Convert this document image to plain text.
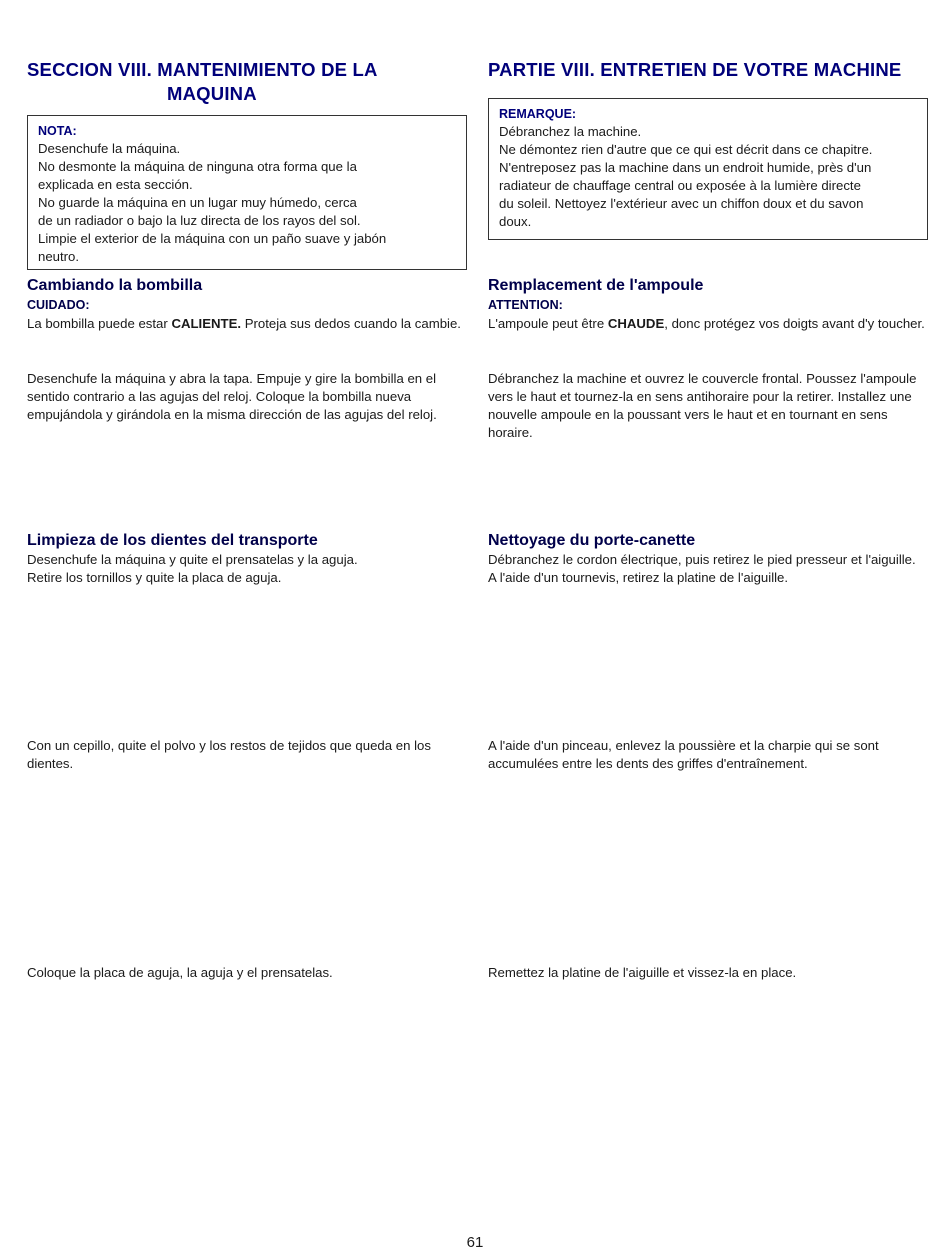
SECCION VIII. MANTENIMIENTO DE LA
MAQUINA
NOTA:

Desenchufe la máquina.

No desmonte la máquina de ninguna otra forma que la

explicada en esta sección.

No guarde la máquina en un lugar muy húmedo, cerca

de un radiador o bajo la luz directa de los rayos del sol.

Limpie el exterior de la máquina con un paño suave y jabón

neutro.

Cambiando la bombilla
CUIDADO:
La bombilla puede estar CALIENTE. Proteja sus dedos cuando la cambie.
Desenchufe la máquina y abra la tapa. Empuje y gire la bombilla en el sentido contrario a las agujas del reloj. Coloque la bombilla nueva empujándola y girándola en la misma dirección de las agujas del reloj.
Limpieza de los dientes del transporte

Desenchufe la máquina y quite el prensatelas y la aguja.

Retire los tornillos y quite la placa de aguja.

Con un cepillo, quite el polvo y los restos de tejidos que queda en los dientes.
Coloque la placa de aguja, la aguja y el prensatelas.
PARTIE VIII. ENTRETIEN DE VOTRE MACHINE
REMARQUE:

Débranchez la machine.

Ne démontez rien d'autre que ce qui est décrit dans ce chapitre.

N'entreposez pas la machine dans un endroit humide, près d'un

radiateur de chauffage central ou exposée à la lumière directe

du soleil. Nettoyez l'extérieur avec un chiffon doux et du savon

doux.

Remplacement de l'ampoule
ATTENTION:
L'ampoule peut être CHAUDE, donc protégez vos doigts avant d'y toucher.
Débranchez la machine et ouvrez le couvercle frontal. Poussez l'ampoule vers le haut et tournez-la en sens antihoraire pour la retirer. Installez une nouvelle ampoule en la poussant vers le haut et en tournant en sens horaire.
Nettoyage du porte-canette

Débranchez le cordon électrique, puis retirez le pied presseur et l'aiguille.

A l'aide d'un tournevis, retirez la platine de l'aiguille.

A l'aide d'un pinceau, enlevez la poussière et la charpie qui se sont accumulées entre les dents des griffes d'entraînement.
Remettez la platine de l'aiguille et vissez-la en place.
61
